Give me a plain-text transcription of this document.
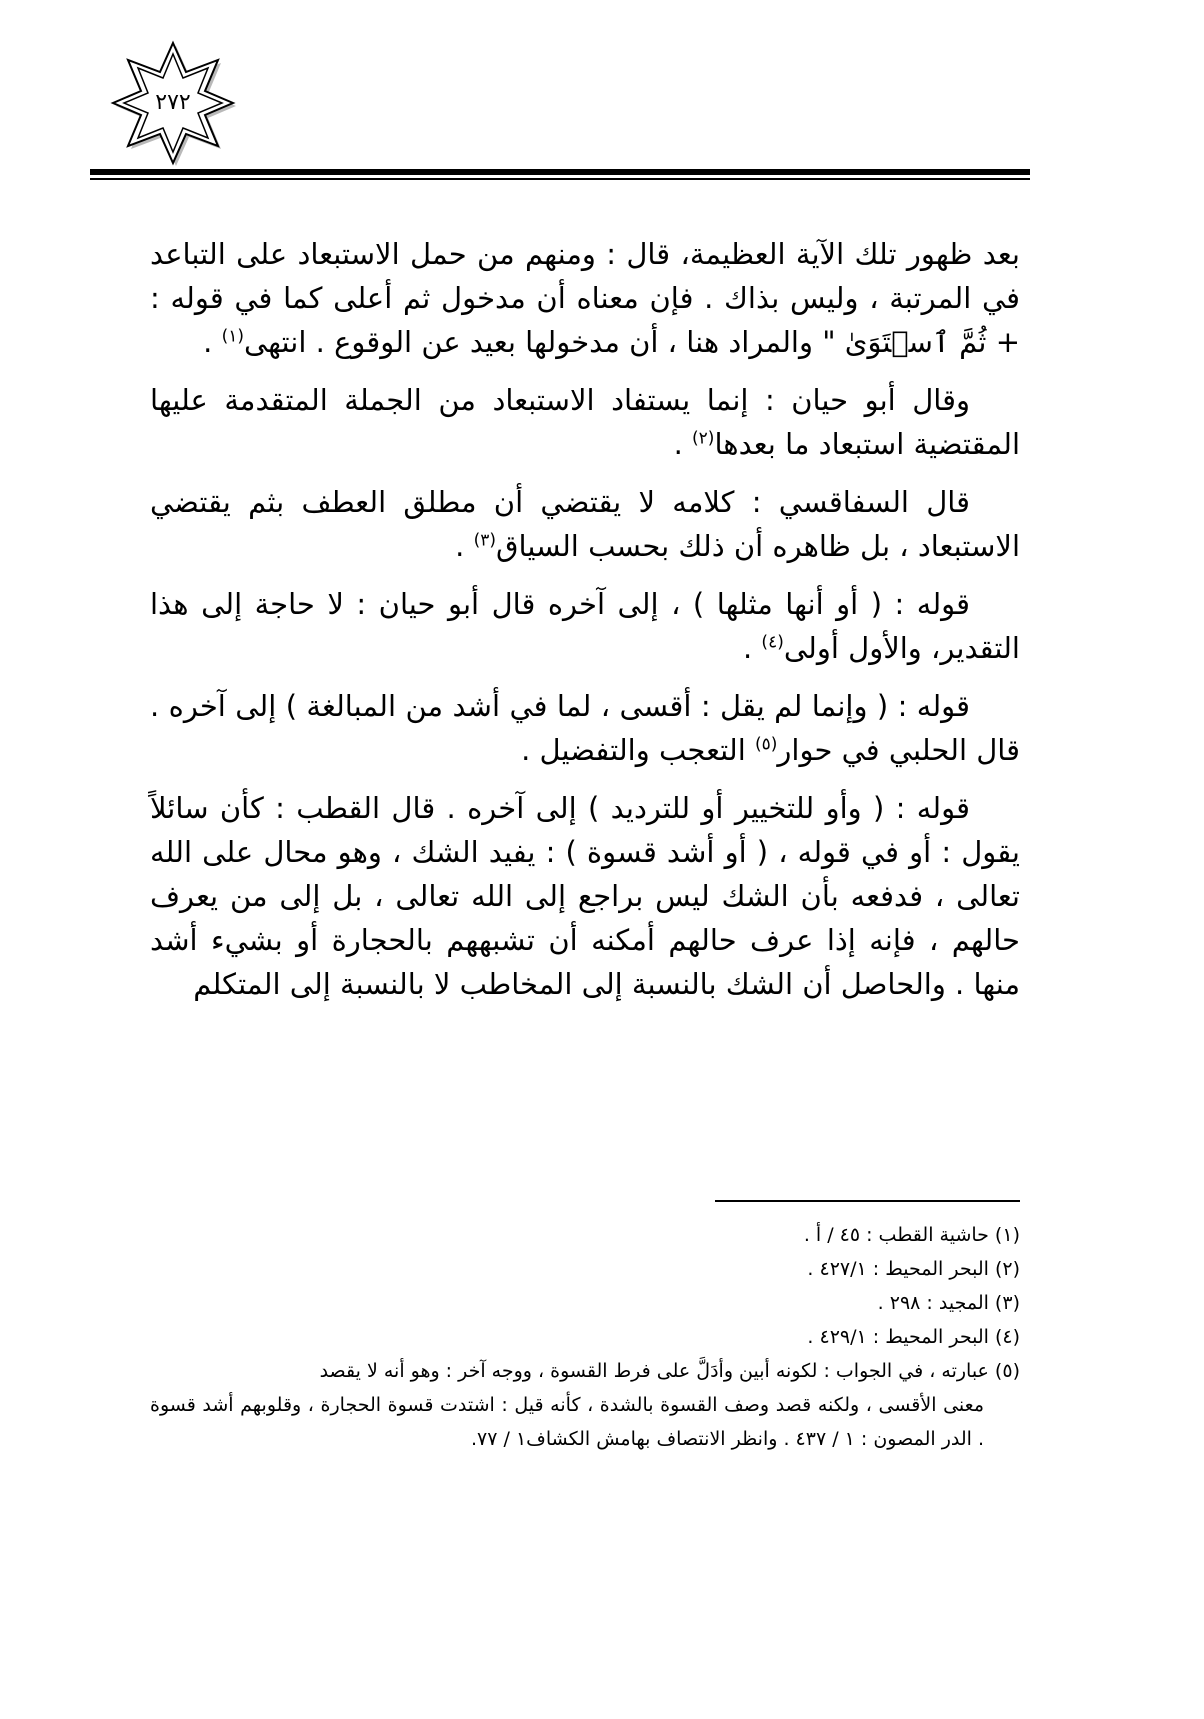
٢٧٢

بعد ظهور تلك الآية العظيمة، قال : ومنهم من حمل الاستبعاد على التباعد في المرتبة ، وليس بذاك . فإن معناه أن مدخول ثم أعلى كما في قوله : + ثُمَّ ٱسۡتَوَىٰ " والمراد هنا ، أن مدخولها بعيد عن الوقوع . انتهى$^{(١)}$ .

وقال أبو حيان : إنما يستفاد الاستبعاد من الجملة المتقدمة عليها المقتضية استبعاد ما بعدها$^{(٢)}$ .

قال السفاقسي : كلامه لا يقتضي أن مطلق العطف بثم يقتضي الاستبعاد ، بل ظاهره أن ذلك بحسب السياق$^{(٣)}$ .

قوله : ( أو أنها مثلها ) ، إلى آخره قال أبو حيان : لا حاجة إلى هذا التقدير، والأول أولى$^{(٤)}$ .

قوله : ( وإنما لم يقل : أقسى ، لما في أشد من المبالغة ) إلى آخره . قال الحلبي في حوار$^{(٥)}$ التعجب والتفضيل .

قوله : ( وأو للتخيير أو للترديد ) إلى آخره . قال القطب : كأن سائلاً يقول : أو في قوله ، ( أو أشد قسوة ) : يفيد الشك ، وهو محال على الله تعالى ، فدفعه بأن الشك ليس براجع إلى الله تعالى ، بل إلى من يعرف حالهم ، فإنه إذا عرف حالهم أمكنه أن تشبههم بالحجارة أو بشيء أشد منها . والحاصل أن الشك بالنسبة إلى المخاطب لا بالنسبة إلى المتكلم

(١) حاشية القطب : ٤٥ / أ .

(٢) البحر المحيط : ٤٢٧/١ .

(٣) المجيد : ٢٩٨ .

(٤) البحر المحيط : ٤٢٩/١ .

(٥) عبارته ، في الجواب : لكونه أبين وأدَلَّ على فرط القسوة ، ووجه آخر : وهو أنه لا يقصد

معنى الأقسى ، ولكنه قصد وصف القسوة بالشدة ، كأنه قيل : اشتدت قسوة الحجارة ، وقلوبهم أشد قسوة . الدر المصون : ١ / ٤٣٧ . وانظر الانتصاف بهامش الكشاف١ / ٧٧.
